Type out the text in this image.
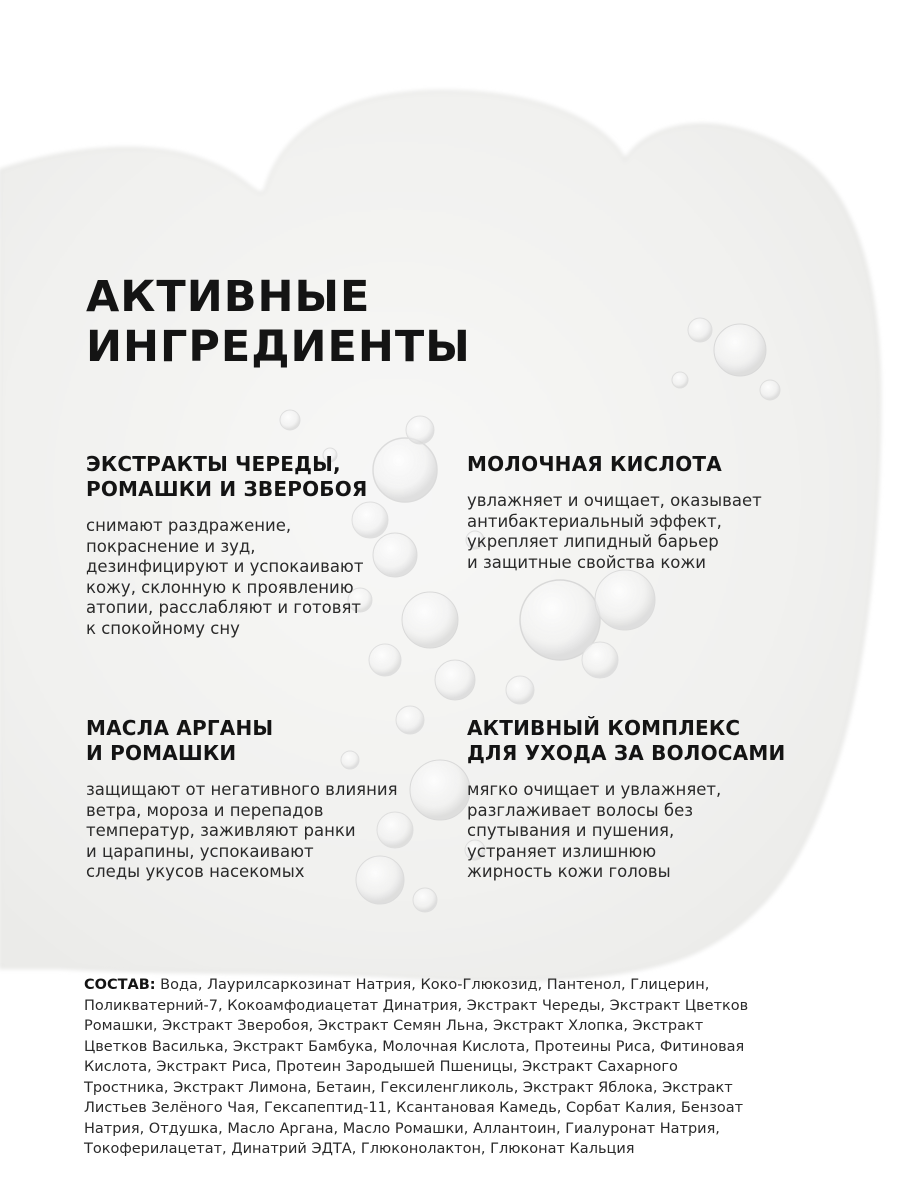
АКТИВНЫЕ
ИНГРЕДИЕНТЫ
ЭКСТРАКТЫ ЧЕРЕДЫ,
РОМАШКИ И ЗВЕРОБОЯ

снимают раздражение,
покраснение и зуд,
дезинфицируют и успокаивают
кожу, склонную к проявлению
атопии, расслабляют и готовят
к спокойному сну

МОЛОЧНАЯ КИСЛОТА

увлажняет и очищает, оказывает
антибактериальный эффект,
укрепляет липидный барьер
и защитные свойства кожи

МАСЛА АРГАНЫ
И РОМАШКИ

защищают от негативного влияния
ветра, мороза и перепадов
температур, заживляют ранки
и царапины, успокаивают
следы укусов насекомых

АКТИВНЫЙ КОМПЛЕКС
ДЛЯ УХОДА ЗА ВОЛОСАМИ

мягко очищает и увлажняет,
разглаживает волосы без
спутывания и пушения,
устраняет излишнюю
жирность кожи головы

СОСТАВ: Вода, Лаурилсаркозинат Натрия, Коко-Глюкозид, Пантенол, Глицерин,
Поликватерний-7, Кокоамфодиацетат Динатрия, Экстракт Череды, Экстракт Цветков
Ромашки, Экстракт Зверобоя, Экстракт Семян Льна, Экстракт Хлопка, Экстракт
Цветков Василька, Экстракт Бамбука, Молочная Кислота, Протеины Риса, Фитиновая
Кислота, Экстракт Риса, Протеин Зародышей Пшеницы, Экстракт Сахарного
Тростника, Экстракт Лимона, Бетаин, Гексиленгликоль, Экстракт Яблока, Экстракт
Листьев Зелёного Чая, Гексапептид-11, Ксантановая Камедь, Сорбат Калия, Бензоат
Натрия, Отдушка, Масло Аргана, Масло Ромашки, Аллантоин, Гиалуронат Натрия,
Токоферилацетат, Динатрий ЭДТА, Глюконолактон, Глюконат Кальция
